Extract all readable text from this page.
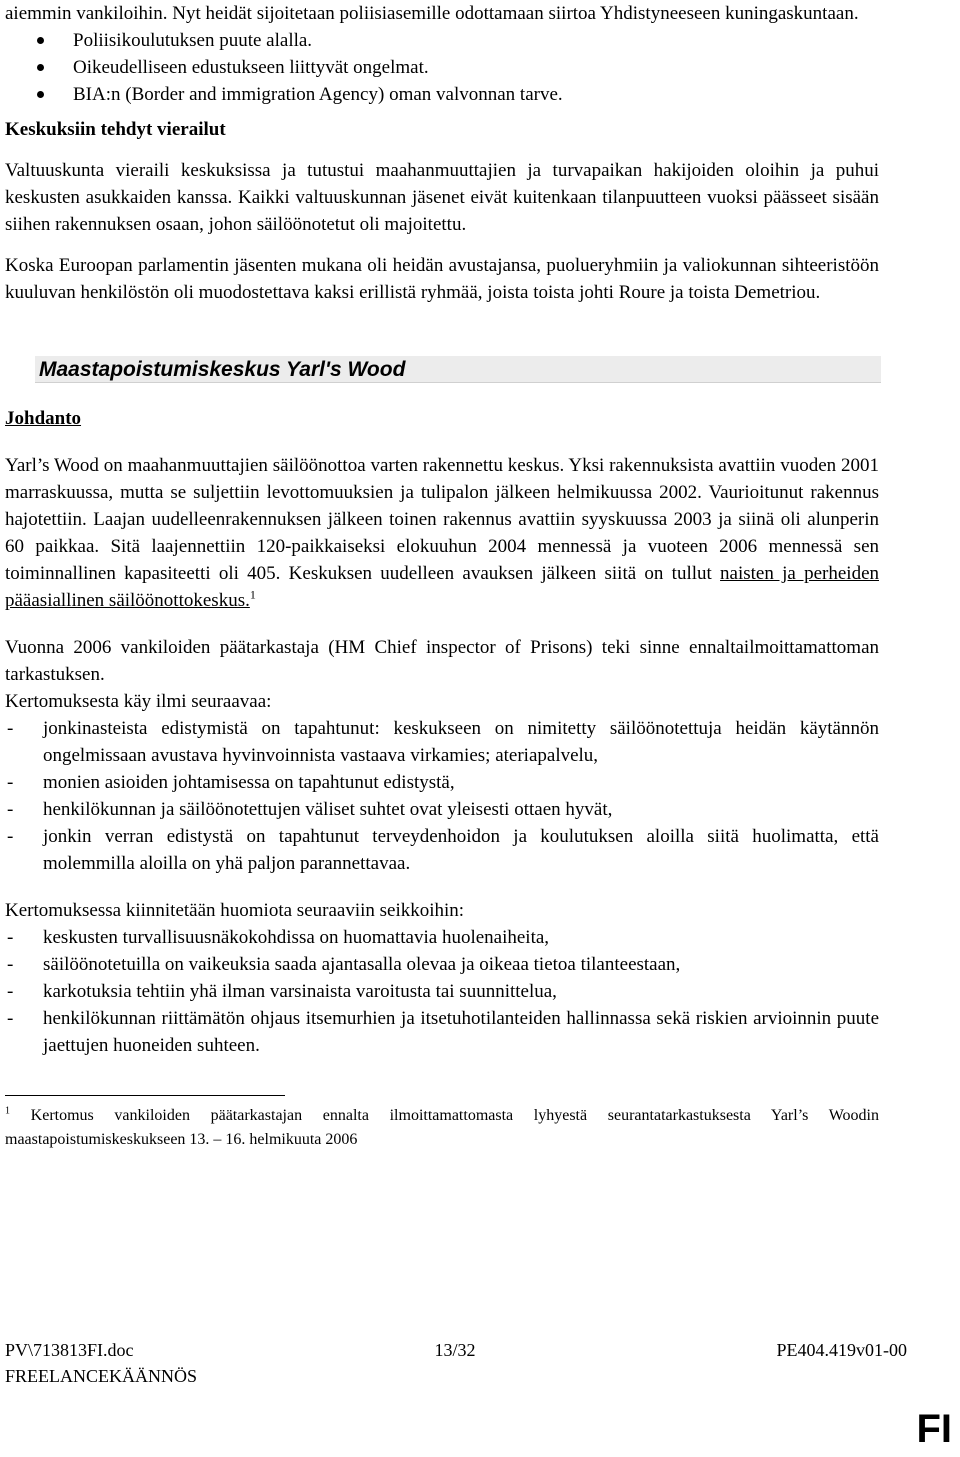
aiemmin vankiloihin. Nyt heidät sijoitetaan poliisiasemille odottamaan siirtoa Yhdistyneeseen kuningaskuntaan.

Poliisikoulutuksen puute alalla.
Oikeudelliseen edustukseen liittyvät ongelmat.
BIA:n (Border and immigration Agency) oman valvonnan tarve.

Keskuksiin tehdyt vierailut

Valtuuskunta vieraili keskuksissa ja tutustui maahanmuuttajien ja turvapaikan hakijoiden oloihin ja puhui keskusten asukkaiden kanssa. Kaikki valtuuskunnan jäsenet eivät kuitenkaan tilanpuutteen vuoksi päässeet sisään siihen rakennuksen osaan, johon säilöönotetut oli majoitettu.

Koska Euroopan parlamentin jäsenten mukana oli heidän avustajansa, puolueryhmiin ja valiokunnan sihteeristöön kuuluvan henkilöstön oli muodostettava kaksi erillistä ryhmää, joista toista johti Roure ja toista Demetriou.

Maastapoistumiskeskus Yarl's Wood

Johdanto

Yarl’s Wood on maahanmuuttajien säilöönottoa varten rakennettu keskus. Yksi rakennuksista avattiin vuoden 2001 marraskuussa, mutta se suljettiin levottomuuksien ja tulipalon jälkeen helmikuussa 2002. Vaurioitunut rakennus hajotettiin. Laajan uudelleenrakennuksen jälkeen toinen rakennus avattiin syyskuussa 2003 ja siinä oli alunperin 60 paikkaa. Sitä laajennettiin 120-paikkaiseksi elokuuhun 2004 mennessä ja vuoteen 2006 mennessä sen toiminnallinen kapasiteetti oli 405. Keskuksen uudelleen avauksen jälkeen siitä on tullut naisten ja perheiden pääasiallinen säilöönottokeskus.$^1$

Vuonna 2006 vankiloiden päätarkastaja (HM Chief inspector of Prisons) teki sinne ennaltailmoittamattoman tarkastuksen.

Kertomuksesta käy ilmi seuraavaa:

- jonkinasteista edistymistä on tapahtunut: keskukseen on nimitetty säilöönotettuja heidän käytännön ongelmissaan avustava hyvinvoinnista vastaava virkamies; ateriapalvelu,
- monien asioiden johtamisessa on tapahtunut edistystä,
- henkilökunnan ja säilöönotettujen väliset suhtet ovat yleisesti ottaen hyvät,
- jonkin verran edistystä on tapahtunut terveydenhoidon ja koulutuksen aloilla siitä huolimatta, että molemmilla aloilla on yhä paljon parannettavaa.

Kertomuksessa kiinnitetään huomiota seuraaviin seikkoihin:

- keskusten turvallisuusnäkokohdissa on huomattavia huolenaiheita,
- säilöönotetuilla on vaikeuksia saada ajantasalla olevaa ja oikeaa tietoa tilanteestaan,
- karkotuksia tehtiin yhä ilman varsinaista varoitusta tai suunnittelua,
- henkilökunnan riittämätön ohjaus itsemurhien ja itsetuhotilanteiden hallinnassa sekä riskien arvioinnin puute jaettujen huoneiden suhteen.

$^1$ Kertomus vankiloiden päätarkastajan ennalta ilmoittamattomasta lyhyestä seurantatarkastuksesta Yarl’s Woodin maastapoistumiskeskukseen 13. – 16. helmikuuta 2006

PV\713813FI.doc	13/32	PE404.419v01-00
FREELANCEKÄÄNNÖS
FI
